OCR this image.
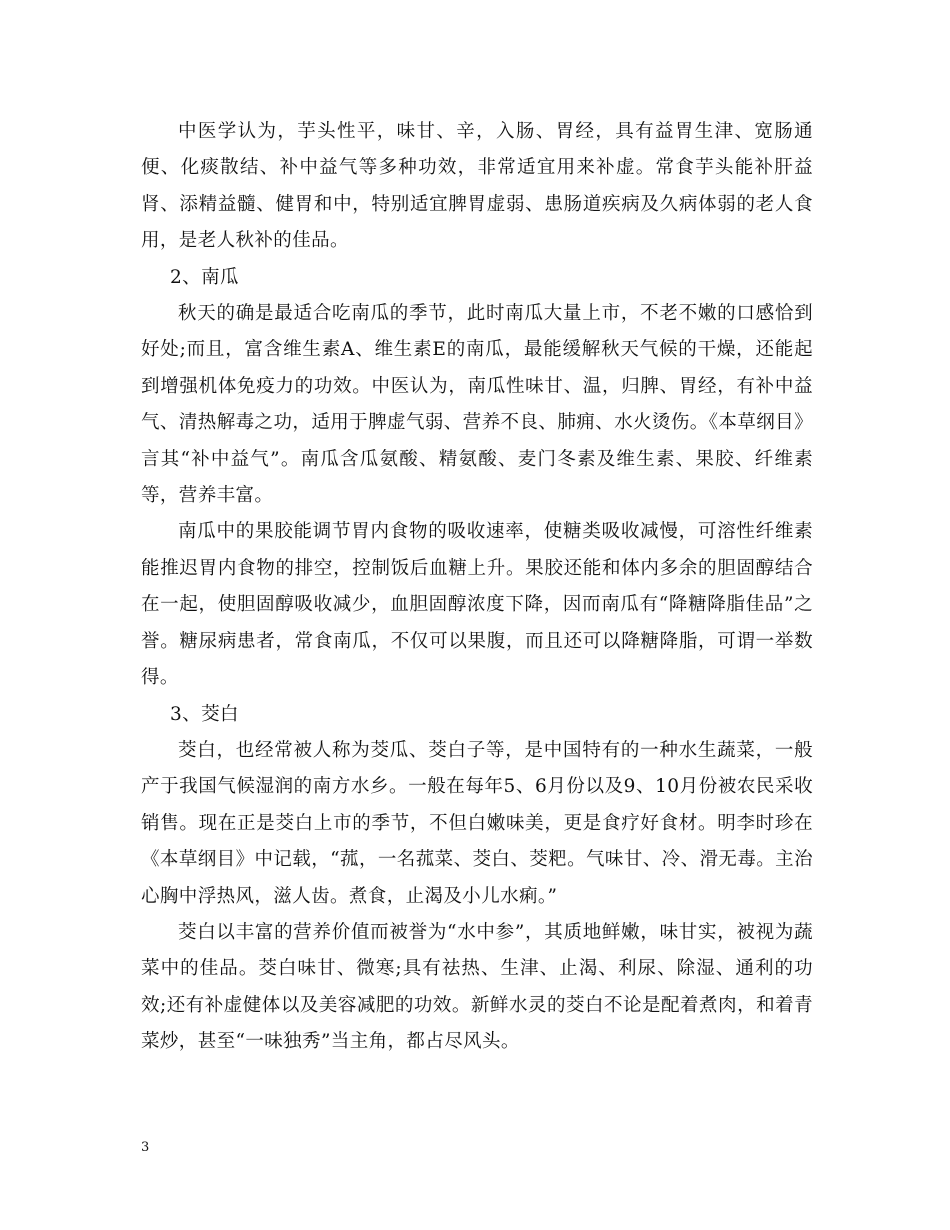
中医学认为，芋头性平，味甘、辛，入肠、胃经，具有益胃生津、宽肠通便、化痰散结、补中益气等多种功效，非常适宜用来补虚。常食芋头能补肝益肾、添精益髓、健胃和中，特别适宜脾胃虚弱、患肠道疾病及久病体弱的老人食用，是老人秋补的佳品。

2、南瓜

秋天的确是最适合吃南瓜的季节，此时南瓜大量上市，不老不嫩的口感恰到好处;而且，富含维生素A、维生素E的南瓜，最能缓解秋天气候的干燥，还能起到增强机体免疫力的功效。中医认为，南瓜性味甘、温，归脾、胃经，有补中益气、清热解毒之功，适用于脾虚气弱、营养不良、肺痈、水火烫伤。《本草纲目》言其“补中益气”。南瓜含瓜氨酸、精氨酸、麦门冬素及维生素、果胶、纤维素等，营养丰富。

南瓜中的果胶能调节胃内食物的吸收速率，使糖类吸收减慢，可溶性纤维素能推迟胃内食物的排空，控制饭后血糖上升。果胶还能和体内多余的胆固醇结合在一起，使胆固醇吸收减少，血胆固醇浓度下降，因而南瓜有“降糖降脂佳品”之誉。糖尿病患者，常食南瓜，不仅可以果腹，而且还可以降糖降脂，可谓一举数得。

3、茭白

茭白，也经常被人称为茭瓜、茭白子等，是中国特有的一种水生蔬菜，一般产于我国气候湿润的南方水乡。一般在每年5、6月份以及9、10月份被农民采收销售。现在正是茭白上市的季节，不但白嫩味美，更是食疗好食材。明李时珍在《本草纲目》中记载，“菰，一名菰菜、茭白、茭粑。气味甘、冷、滑无毒。主治心胸中浮热风，滋人齿。煮食，止渴及小儿水痢。”

茭白以丰富的营养价值而被誉为“水中参”，其质地鲜嫩，味甘实，被视为蔬菜中的佳品。茭白味甘、微寒;具有祛热、生津、止渴、利尿、除湿、通利的功效;还有补虚健体以及美容减肥的功效。新鲜水灵的茭白不论是配着煮肉，和着青菜炒，甚至“一味独秀”当主角，都占尽风头。

3
